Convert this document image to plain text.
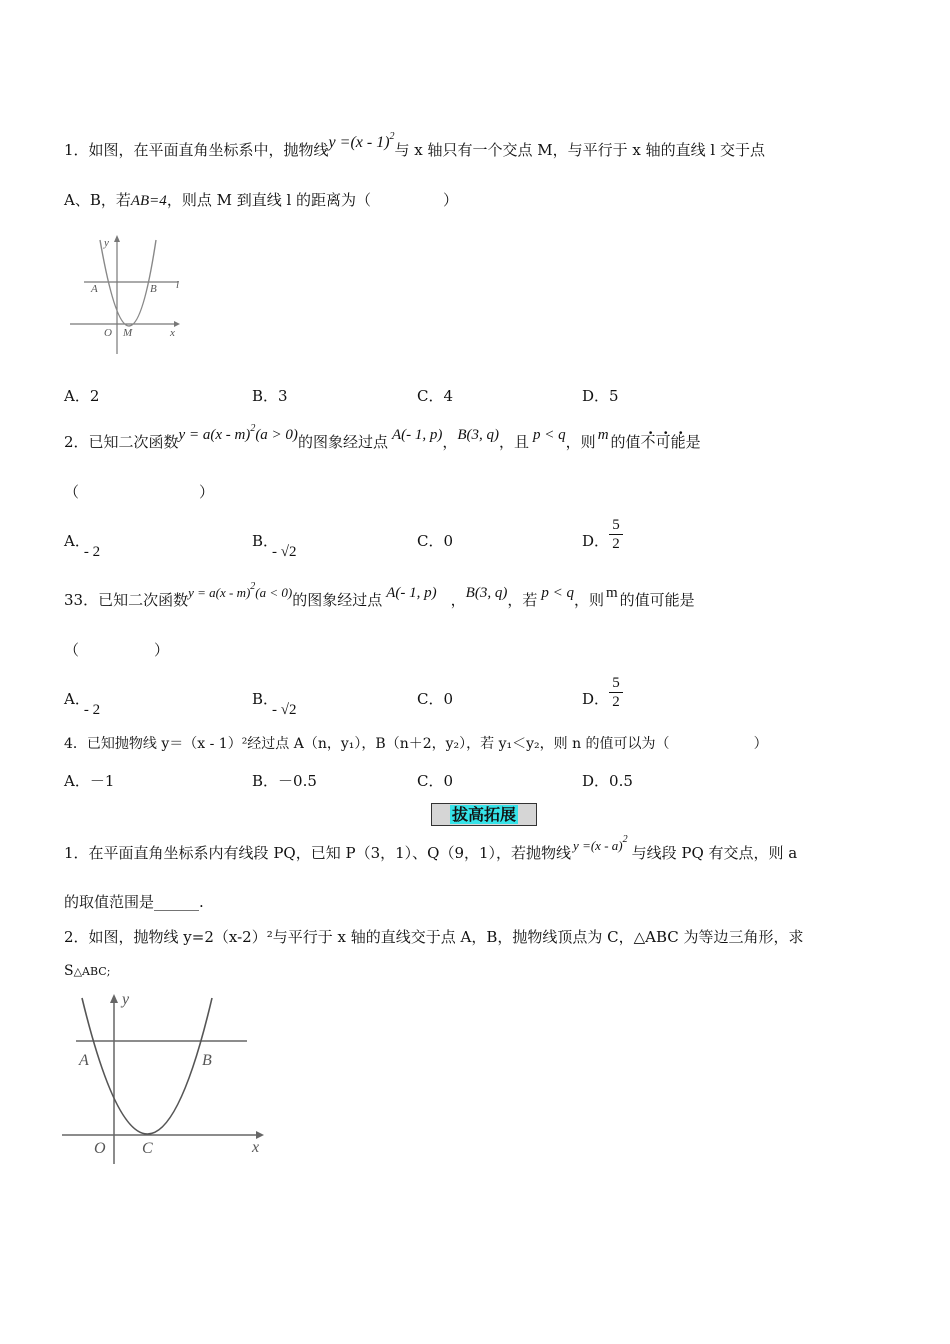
1．如图，在平面直角坐标系中，抛物线y =(x - 1)$^2$与 x 轴只有一个交点 M，与平行于 x 轴的直线 l 交于点
A、B，若AB=4，则点 M 到直线 l 的距离为（	）
y
A	B l
O M	x
A．2	B．3	C．4	D．5
2．已知二次函数y = a(x - m)$^2$(a > 0)的图象经过点 A(- 1, p)，B(3, q)，且 p < q，则 m 的值不可能是
（　　　　　　　　）
A．- 2
B．- √2
C．0	D．
5
2
33．已知二次函数y = a(x - m)$^2$(a < 0)的图象经过点 A(- 1, p) ，B(3, q)，若 p < q，则 m 的值可能是
（　　　　　）
A．- 2
B．- √2
C．0	D．
5
2
4．已知抛物线 y＝（x - 1）²经过点 A（n，y₁），B（n＋2，y₂），若 y₁＜y₂，则 n 的值可以为（	）
A．－1	B．－0.5	C．0	D．0.5
拔高拓展
1．在平面直角坐标系内有线段 PQ，已知 P（3，1）、Q（9，1），若抛物线 y =(x - a)$^2$与线段 PQ 有交点，则 a
的取值范围是______.
2．如图，抛物线 y=2（x-2）²与平行于 x 轴的直线交于点 A，B，抛物线顶点为 C，△ABC 为等边三角形，求
S△ABC;
y
A	B
O C	x
